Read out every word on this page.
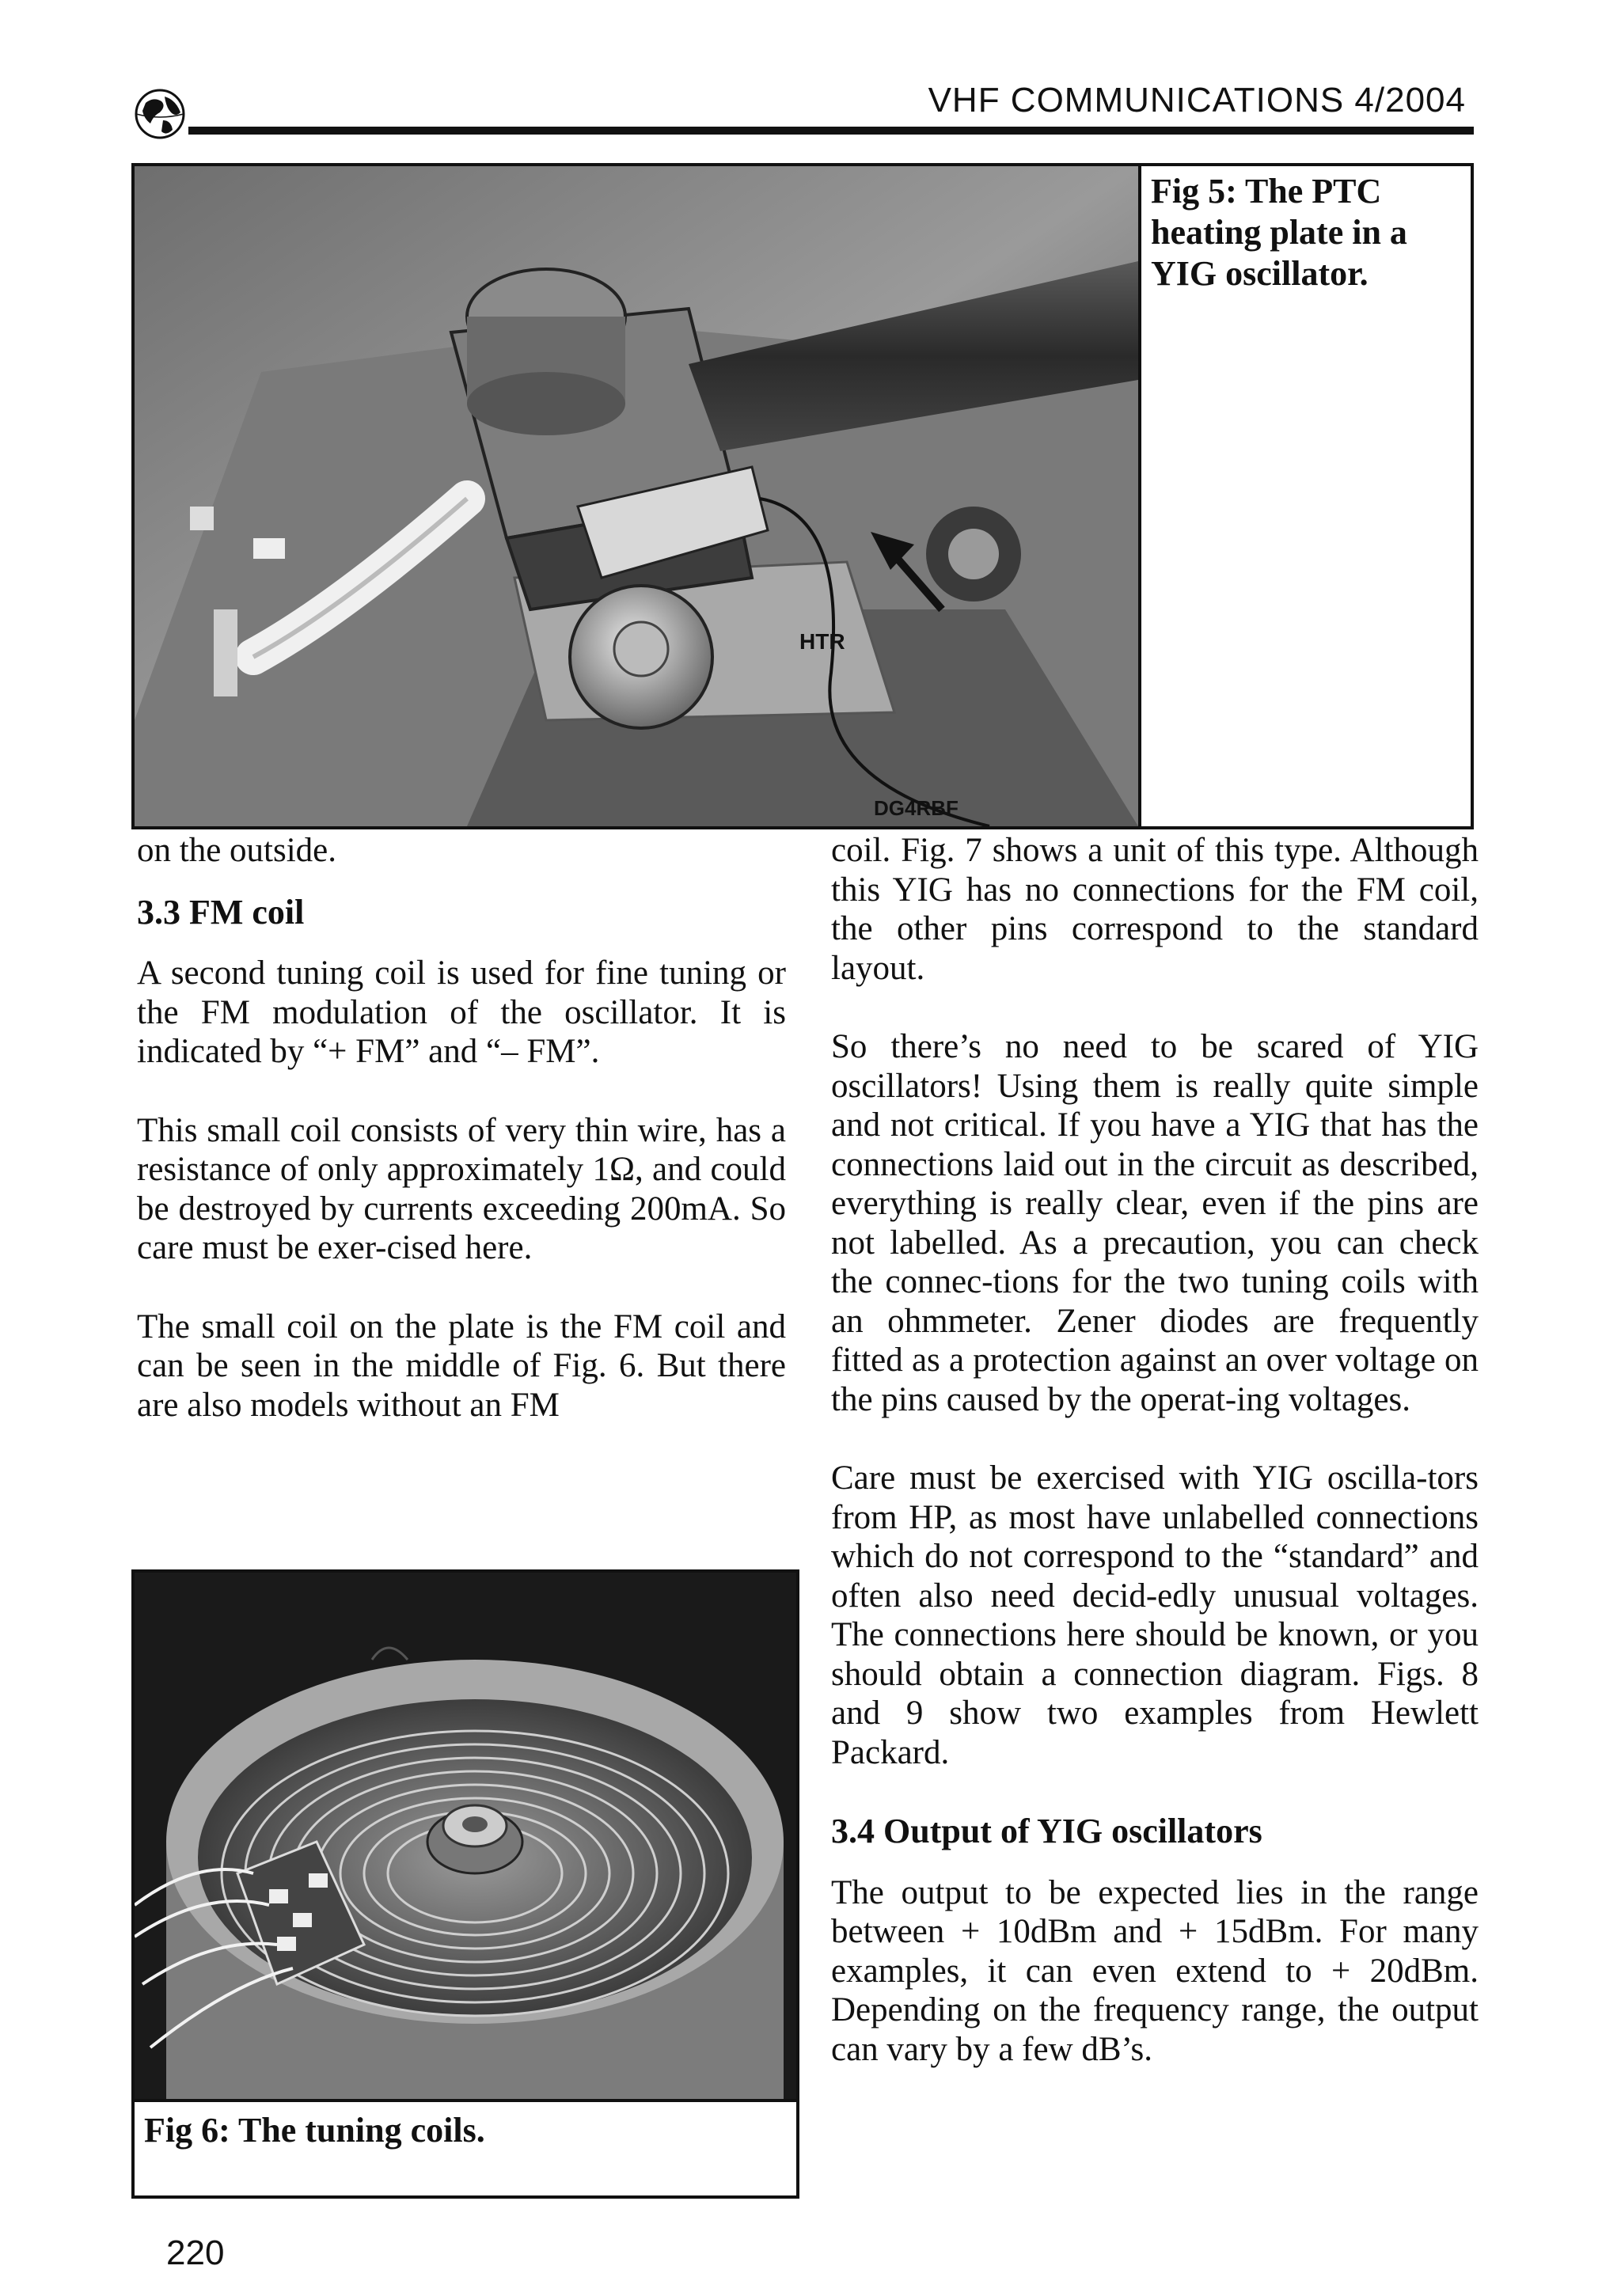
VHF COMMUNICATIONS 4/2004
HTR
DG4RBF
Fig 5: The PTC heating plate in a YIG oscillator.

on the outside.

3.3 FM coil

A second tuning coil is used for fine tuning or the FM modulation of the oscillator. It is indicated by “+ FM” and “– FM”.

This small coil consists of very thin wire, has a resistance of only approximately 1Ω, and could be destroyed by currents exceeding 200mA. So care must be exer-cised here.

The small coil on the plate is the FM coil and can be seen in the middle of Fig. 6. But there are also models without an FM

Fig 6: The tuning coils.

coil. Fig. 7 shows a unit of this type. Although this YIG has no connections for the FM coil, the other pins correspond to the standard layout.

So there’s no need to be scared of YIG oscillators! Using them is really quite simple and not critical. If you have a YIG that has the connections laid out in the circuit as described, everything is really clear, even if the pins are not labelled. As a precaution, you can check the connec-tions for the two tuning coils with an ohmmeter. Zener diodes are frequently fitted as a protection against an over voltage on the pins caused by the operat-ing voltages.

Care must be exercised with YIG oscilla-tors from HP, as most have unlabelled connections which do not correspond to the “standard” and often also need decid-edly unusual voltages. The connections here should be known, or you should obtain a connection diagram. Figs. 8 and 9 show two examples from Hewlett Packard.

3.4 Output of YIG oscillators

The output to be expected lies in the range between + 10dBm and + 15dBm. For many examples, it can even extend to + 20dBm. Depending on the frequency range, the output can vary by a few dB’s.

220
